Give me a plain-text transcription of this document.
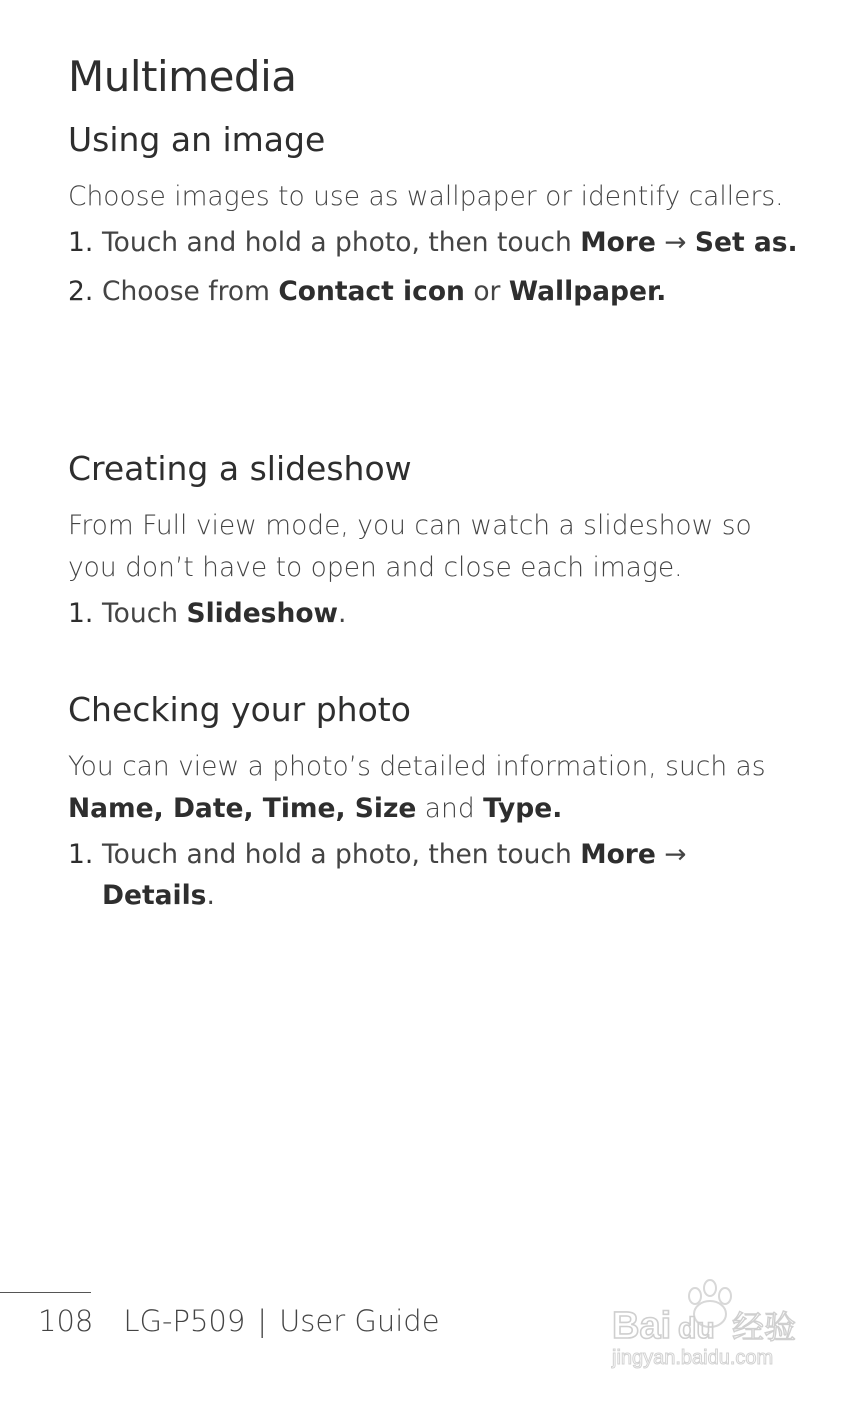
Multimedia
Using an image

Choose images to use as wallpaper or identify callers.

1. Touch and hold a photo, then touch More → Set as.
2. Choose from Contact icon or Wallpaper.
Creating a slideshow

From Full view mode, you can watch a slideshow so you don’t have to open and close each image.

1. Touch Slideshow.
Checking your photo

You can view a photo’s detailed information, such as Name, Date, Time, Size and Type.

1. Touch and hold a photo, then touch More → Details.
108 LG-P509 | User Guide	Bai du 经验
jingyan.baidu.com
